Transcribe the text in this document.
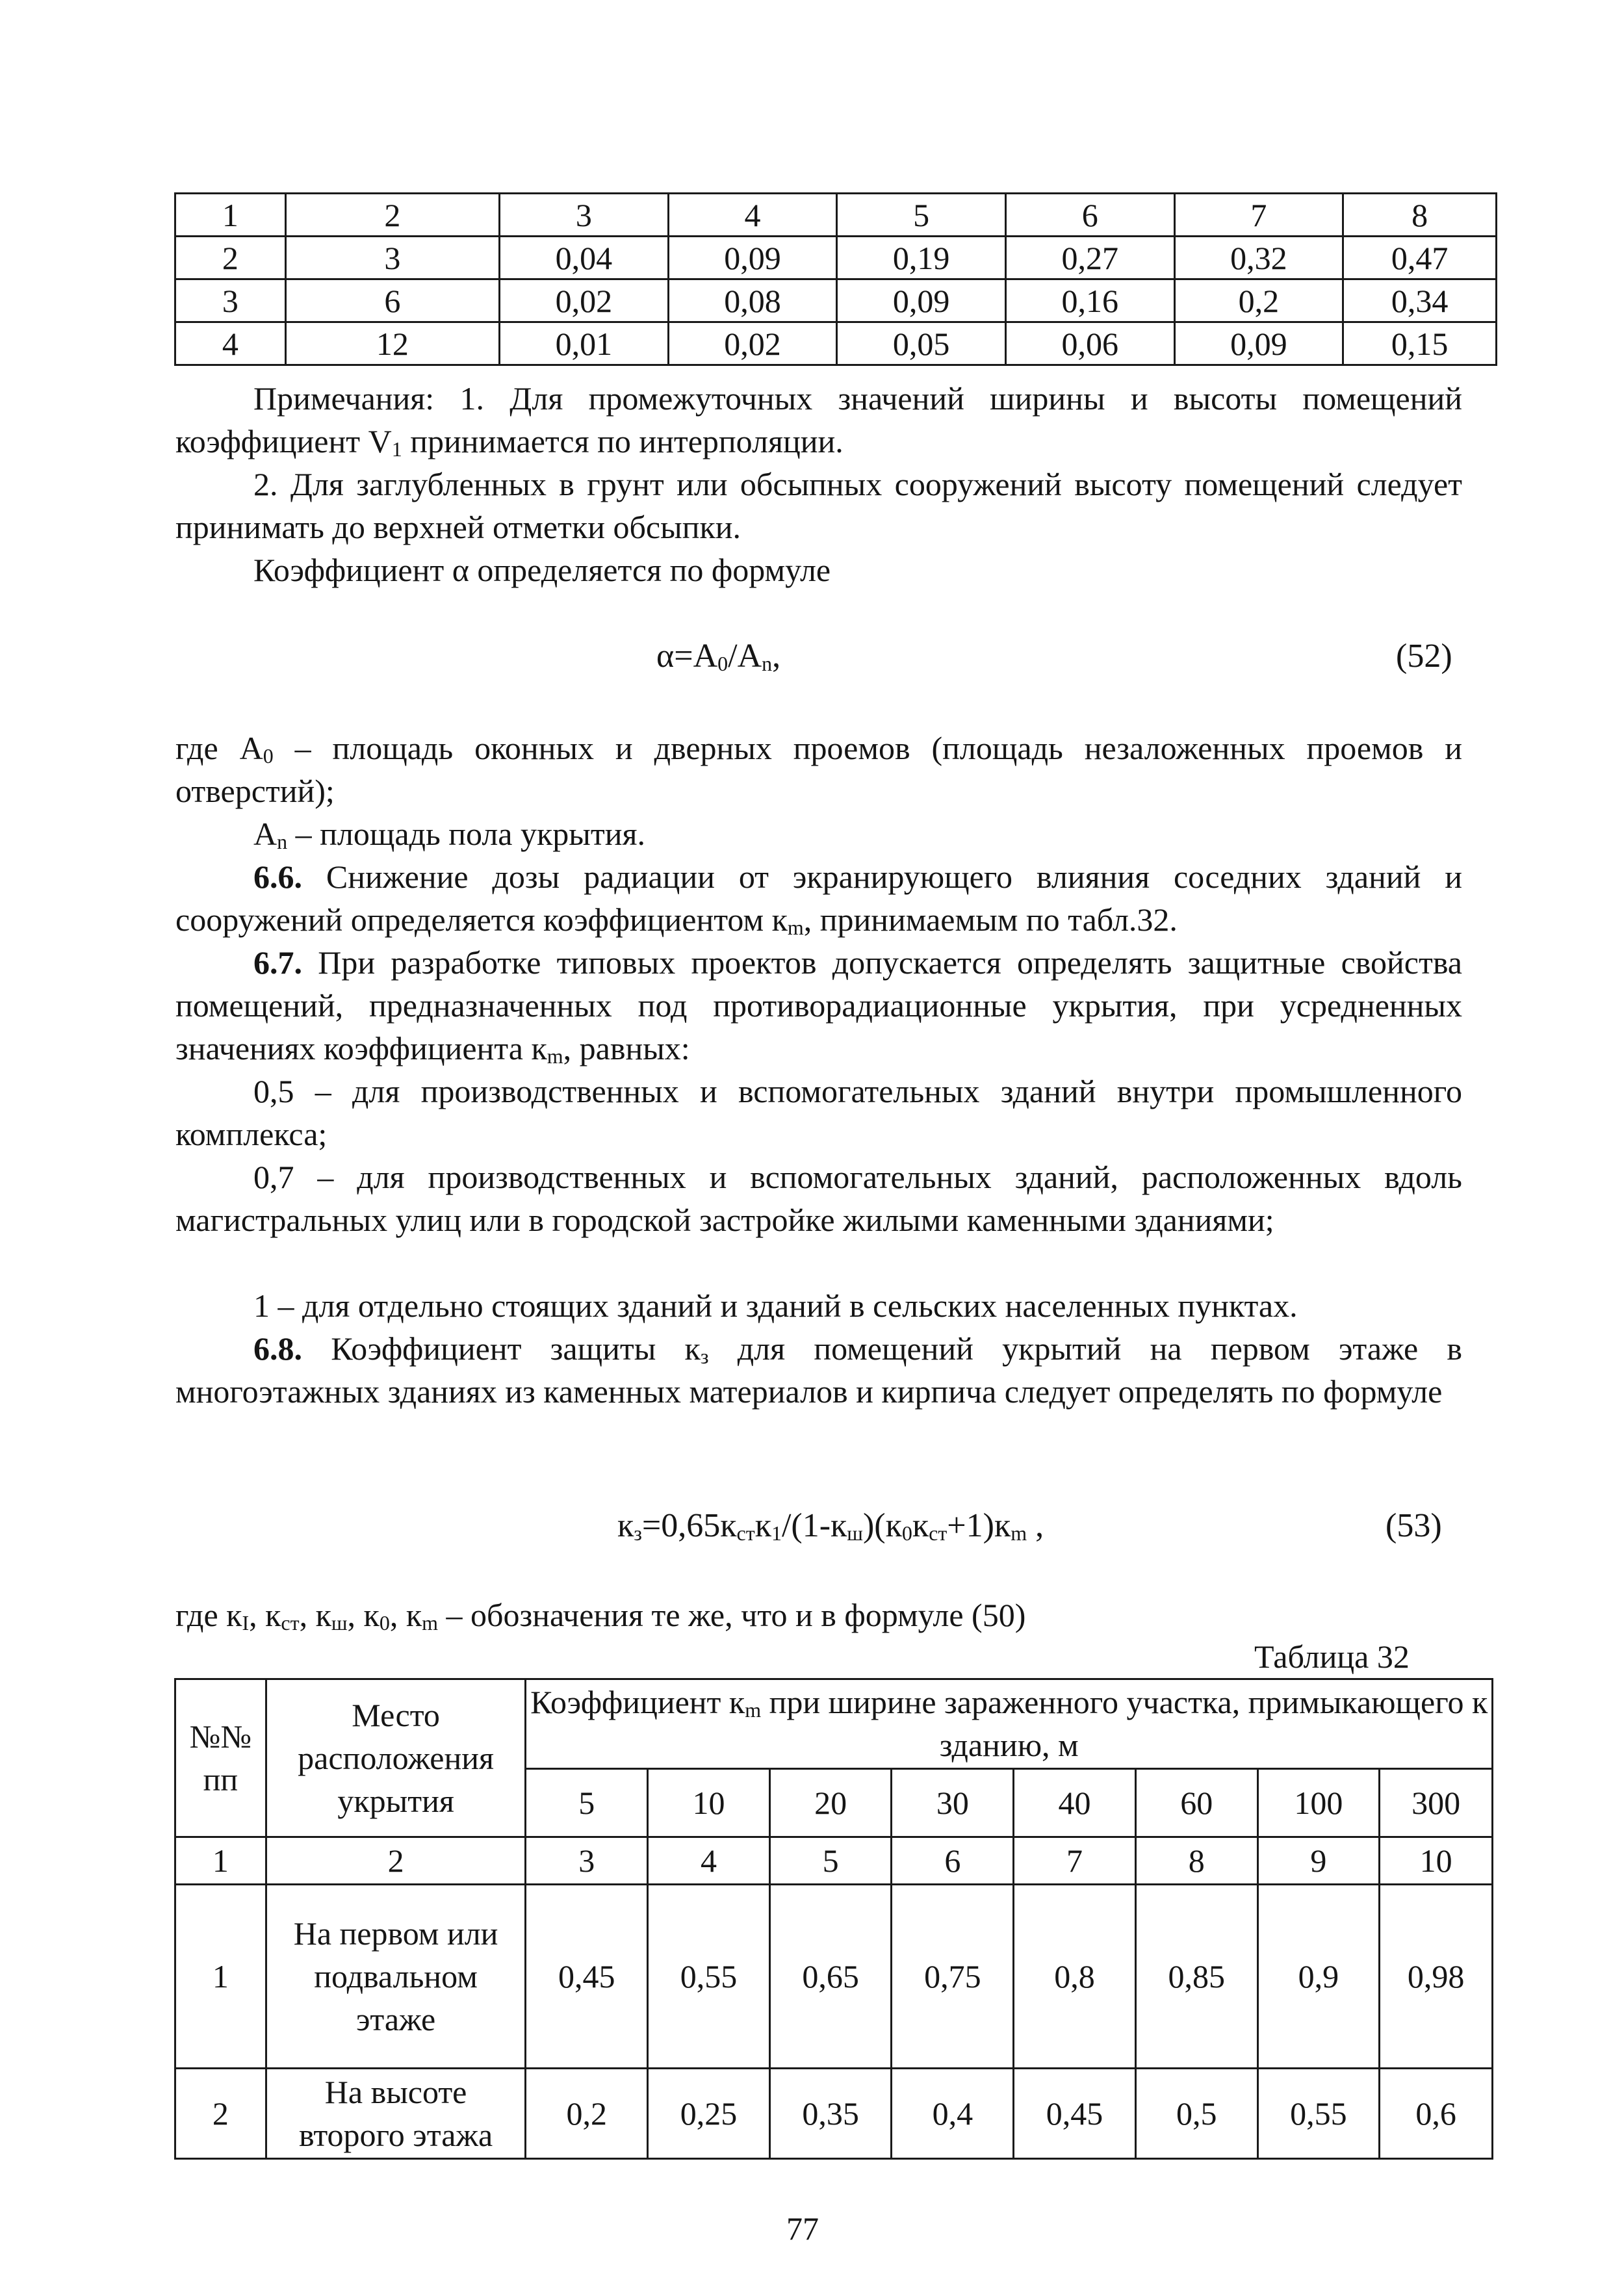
1	2	3	4	5	6	7	8
2	3	0,04	0,09	0,19	0,27	0,32	0,47
3	6	0,02	0,08	0,09	0,16	0,2	0,34
4	12	0,01	0,02	0,05	0,06	0,09	0,15
Примечания: 1. Для промежуточных значений ширины и высоты помещений коэффициент $V_1$ принимается по интерполяции.
2. Для заглубленных в грунт или обсыпных сооружений высоту помещений следует принимать до верхней отметки обсыпки.
Коэффициент α определяется по формуле
$\alpha=A_0/A_n$,	(52)
где $A_0$ – площадь оконных и дверных проемов (площадь незаложенных проемов и отверстий);
$A_n$ – площадь пола укрытия.
6.6. Снижение дозы радиации от экранирующего влияния соседних зданий и сооружений определяется коэффициентом $к_m$, принимаемым по табл.32.
6.7. При разработке типовых проектов допускается определять защитные свойства помещений, предназначенных под противорадиационные укрытия, при усредненных значениях коэффициента $к_m$, равных:
0,5 – для производственных и вспомогательных зданий внутри промышленного комплекса;
0,7 – для производственных и вспомогательных зданий, расположенных вдоль магистральных улиц или в городской застройке жилыми каменными зданиями;
1 – для отдельно стоящих зданий и зданий в сельских населенных пунктах.
6.8. Коэффициент защиты $к_з$ для помещений укрытий на первом этаже в многоэтажных зданиях из каменных материалов и кирпича следует определять по формуле
$к_з=0,65к_{ст}к_1/(1-к_ш)(к_0к_{ст}+1)к_m$ ,	(53)
где $к_I$, $к_{ст}$, $к_ш$, $к_0$, $к_m$ – обозначения те же, что и в формуле (50)
Таблица 32
№№ пп	Место расположения укрытия	Коэффициент $к_m$ при ширине зараженного участка, примыкающего к зданию, м							
		5	10	20	30	40	60	100	300
1	2	3	4	5	6	7	8	9	10
1	На первом или подвальном этаже	0,45	0,55	0,65	0,75	0,8	0,85	0,9	0,98
2	На высоте второго этажа	0,2	0,25	0,35	0,4	0,45	0,5	0,55	0,6
77
